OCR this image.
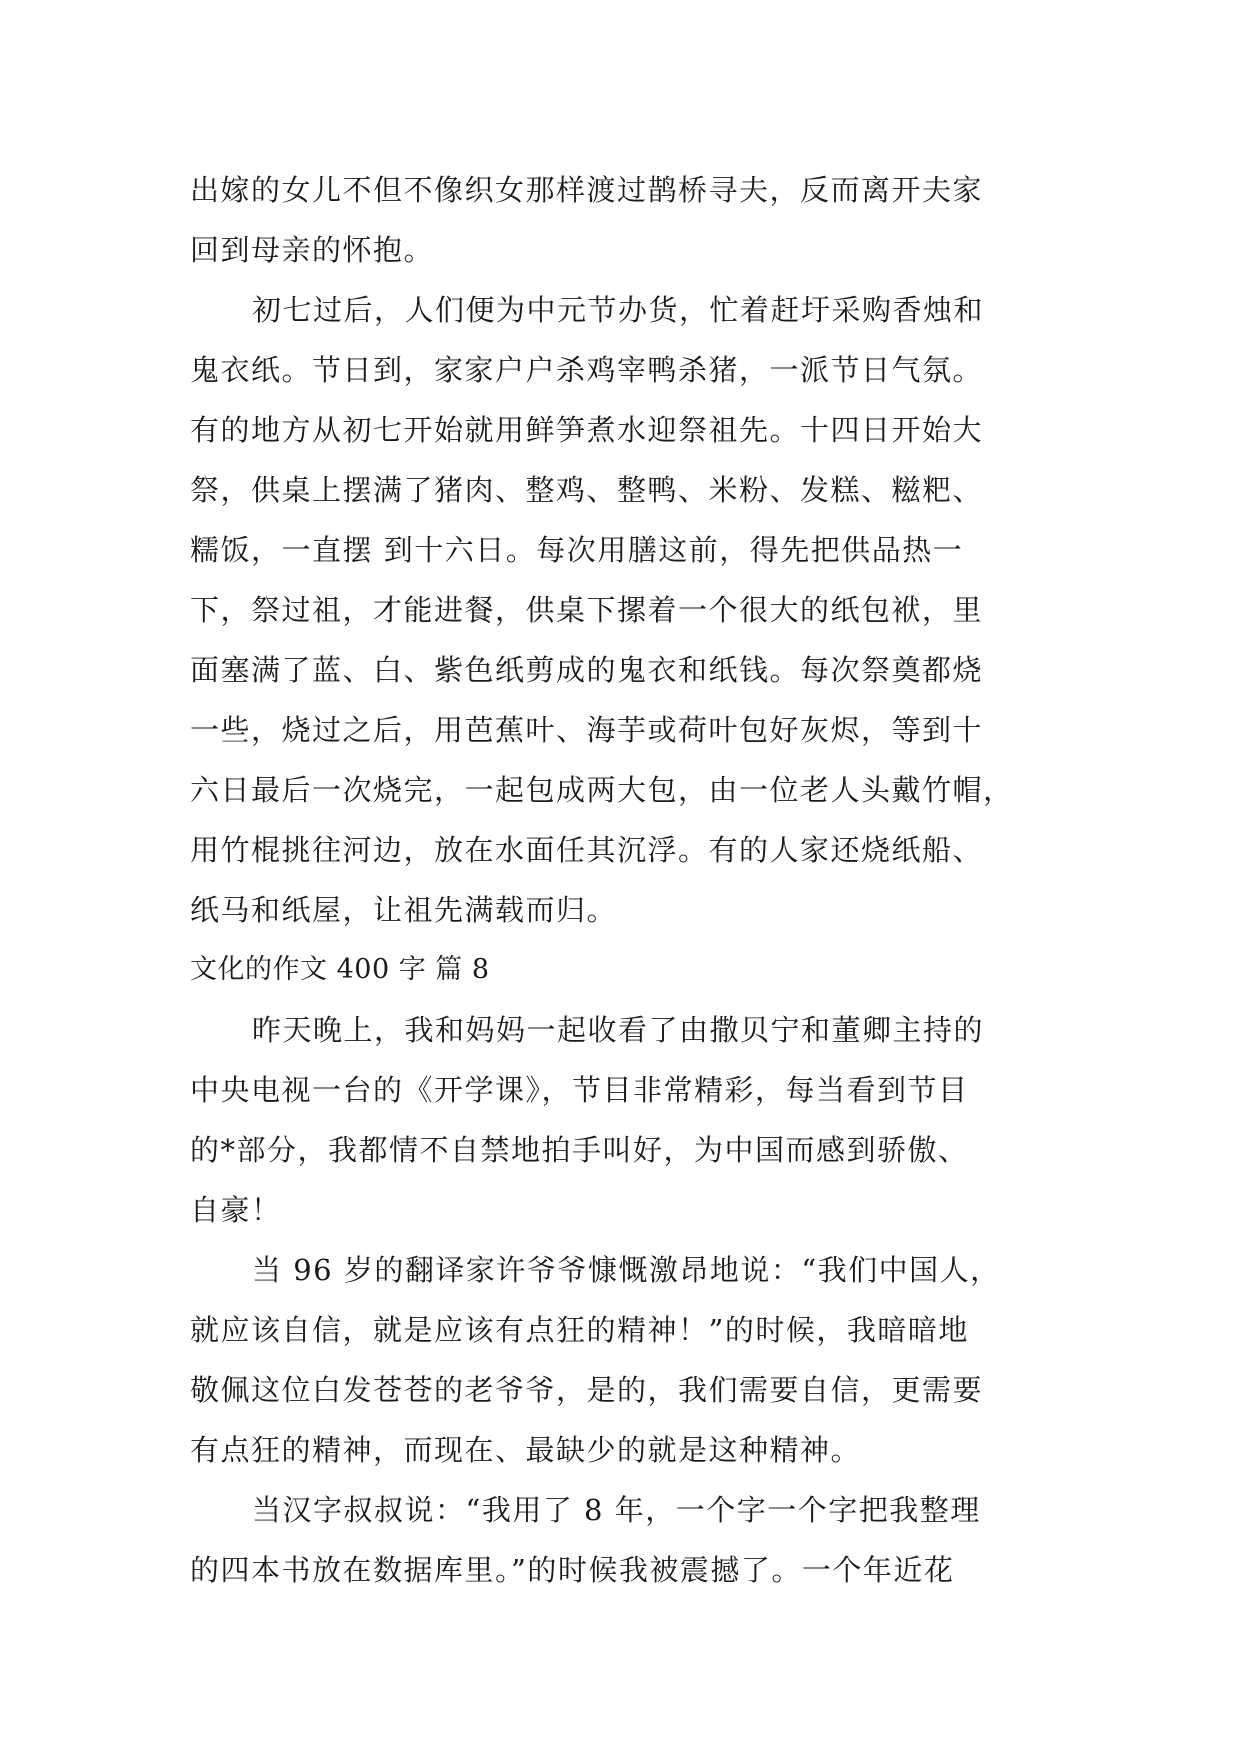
出嫁的女儿不但不像织女那样渡过鹊桥寻夫，反而离开夫家
回到母亲的怀抱。
初七过后，人们便为中元节办货，忙着赶圩采购香烛和
鬼衣纸。节日到，家家户户杀鸡宰鸭杀猪，一派节日气氛。
有的地方从初七开始就用鲜笋煮水迎祭祖先。十四日开始大
祭，供桌上摆满了猪肉、整鸡、整鸭、米粉、发糕、糍粑、
糯饭，一直摆 到十六日。每次用膳这前，得先把供品热一
下，祭过祖，才能进餐，供桌下摞着一个很大的纸包袱，里
面塞满了蓝、白、紫色纸剪成的鬼衣和纸钱。每次祭奠都烧
一些，烧过之后，用芭蕉叶、海芋或荷叶包好灰烬，等到十
六日最后一次烧完，一起包成两大包，由一位老人头戴竹帽，
用竹棍挑往河边，放在水面任其沉浮。有的人家还烧纸船、
纸马和纸屋，让祖先满载而归。
文化的作文 400 字 篇 8
昨天晚上，我和妈妈一起收看了由撒贝宁和董卿主持的
中央电视一台的《开学课》，节目非常精彩，每当看到节目
的*部分，我都情不自禁地拍手叫好，为中国而感到骄傲、
自豪！
当 96 岁的翻译家许爷爷慷慨激昂地说：“我们中国人，
就应该自信，就是应该有点狂的精神！”的时候，我暗暗地
敬佩这位白发苍苍的老爷爷，是的，我们需要自信，更需要
有点狂的精神，而现在、最缺少的就是这种精神。
当汉字叔叔说：“我用了 8 年，一个字一个字把我整理
的四本书放在数据库里。”的时候我被震撼了。一个年近花
